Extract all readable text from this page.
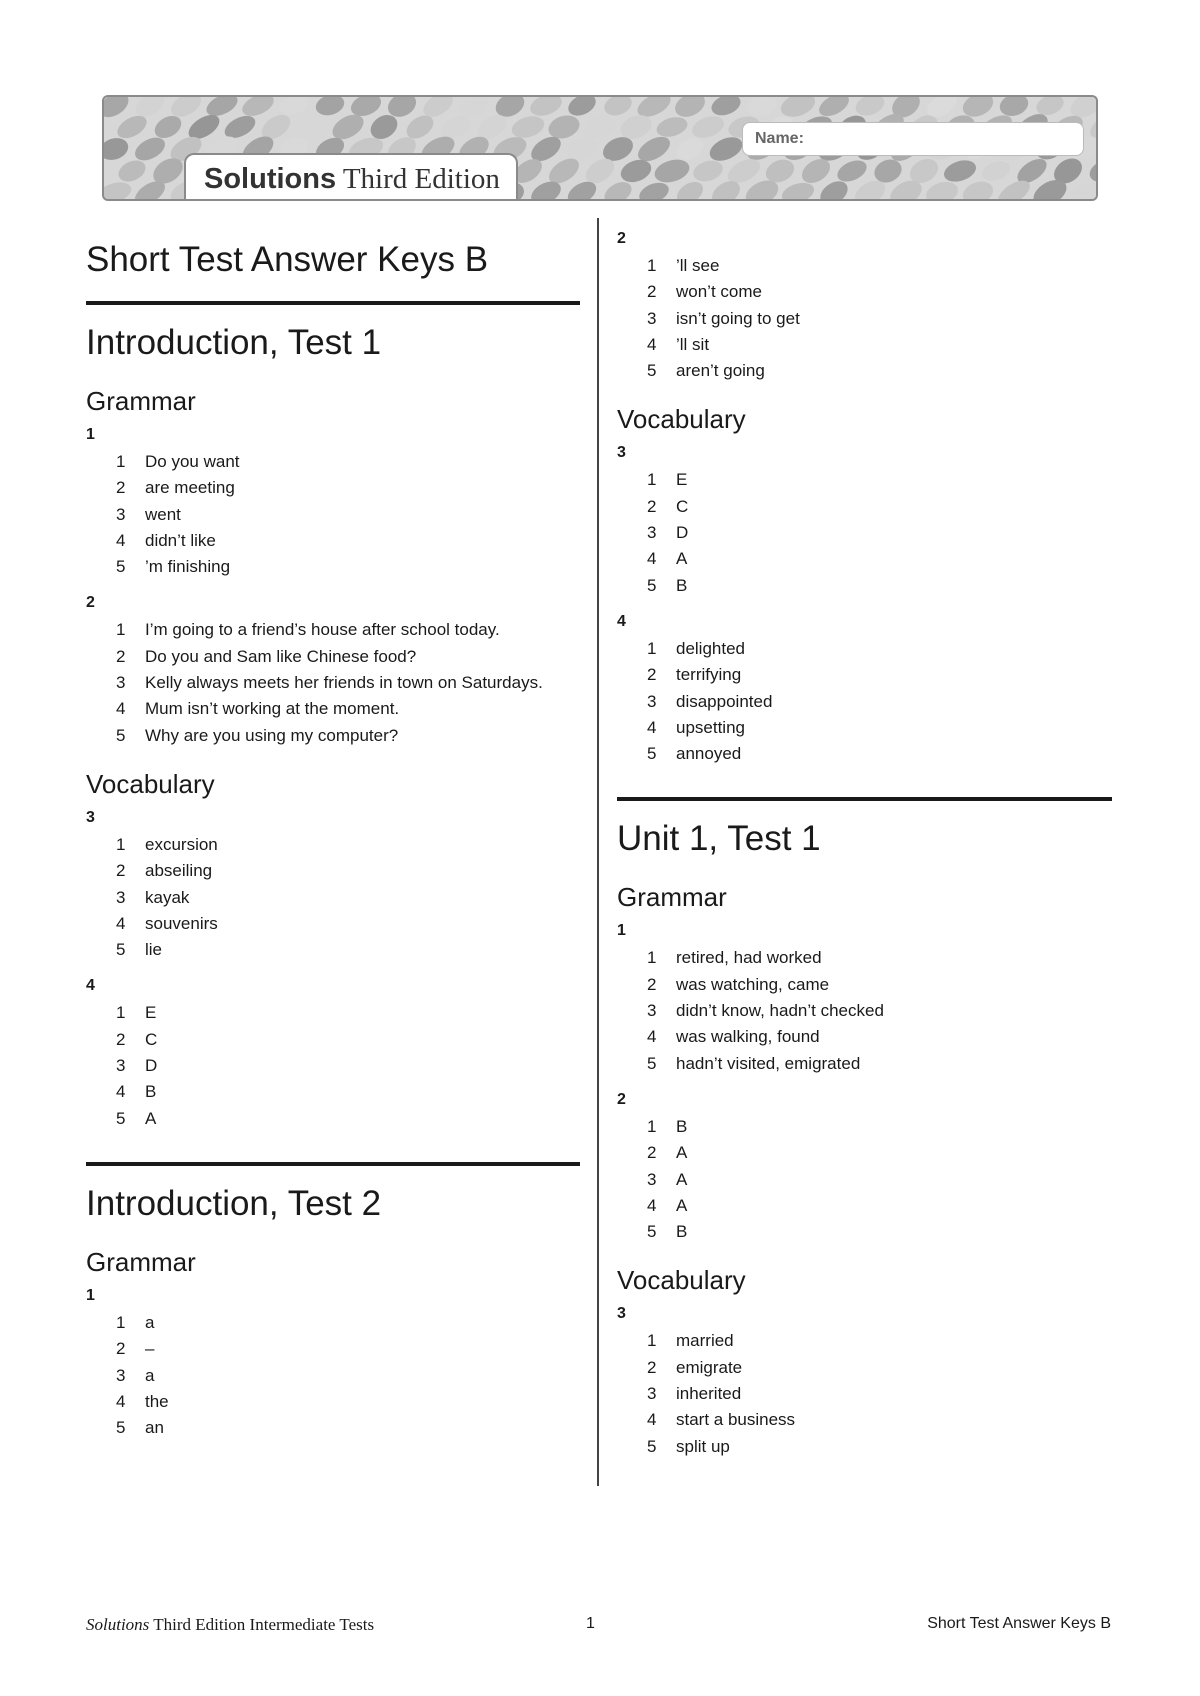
Solutions Third Edition
Name:
Short Test Answer Keys B
Introduction, Test 1
Grammar
1
1 Do you want
2 are meeting
3 went
4 didn’t like
5 ’m finishing
2
1 I’m going to a friend’s house after school today.
2 Do you and Sam like Chinese food?
3 Kelly always meets her friends in town on Saturdays.
4 Mum isn’t working at the moment.
5 Why are you using my computer?
Vocabulary
3
1 excursion
2 abseiling
3 kayak
4 souvenirs
5 lie
4
1 E
2 C
3 D
4 B
5 A
Introduction, Test 2
Grammar
1
1 a
2 –
3 a
4 the
5 an
2
1 ’ll see
2 won’t come
3 isn’t going to get
4 ’ll sit
5 aren’t going
Vocabulary
3
1 E
2 C
3 D
4 A
5 B
4
1 delighted
2 terrifying
3 disappointed
4 upsetting
5 annoyed
Unit 1, Test 1
Grammar
1
1 retired, had worked
2 was watching, came
3 didn’t know, hadn’t checked
4 was walking, found
5 hadn’t visited, emigrated
2
1 B
2 A
3 A
4 A
5 B
Vocabulary
3
1 married
2 emigrate
3 inherited
4 start a business
5 split up
Solutions Third Edition Intermediate Tests	1	Short Test Answer Keys B
